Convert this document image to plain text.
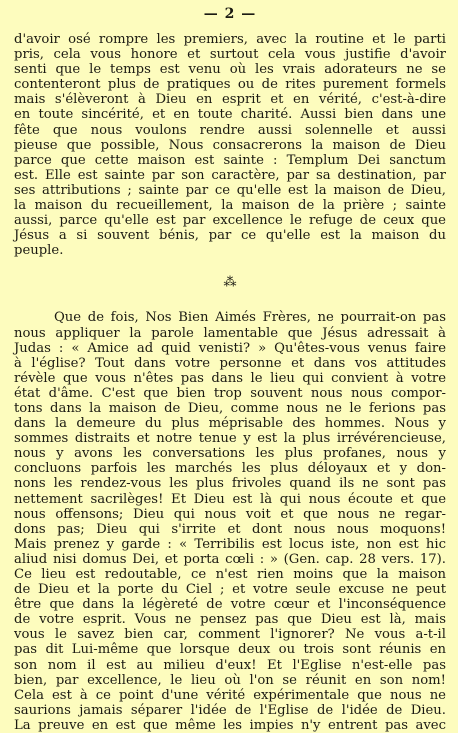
— 2 —
d'avoir osé rompre les premiers, avec la routine et le parti
pris, cela vous honore et surtout cela vous justifie d'avoir
senti que le temps est venu où les vrais adorateurs ne se
contenteront plus de pratiques ou de rites purement formels
mais s'élèveront à Dieu en esprit et en vérité, c'est-à-dire
en toute sincérité, et en toute charité. Aussi bien dans une
fête que nous voulons rendre aussi solennelle et aussi
pieuse que possible, Nous consacrerons la maison de Dieu
parce que cette maison est sainte : Templum Dei sanctum
est. Elle est sainte par son caractère, par sa destination, par
ses attributions ; sainte par ce qu'elle est la maison de Dieu,
la maison du recueillement, la maison de la prière ; sainte
aussi, parce qu'elle est par excellence le refuge de ceux que
Jésus a si souvent bénis, par ce qu'elle est la maison du
peuple.
⁂
Que de fois, Nos Bien Aimés Frères, ne pourrait-on pas
nous appliquer la parole lamentable que Jésus adressait à
Judas : « Amice ad quid venisti? » Qu'êtes-vous venus faire
à l'église? Tout dans votre personne et dans vos attitudes
révèle que vous n'êtes pas dans le lieu qui convient à votre
état d'âme. C'est que bien trop souvent nous nous compor-
tons dans la maison de Dieu, comme nous ne le ferions pas
dans la demeure du plus méprisable des hommes. Nous y
sommes distraits et notre tenue y est la plus irrévérencieuse,
nous y avons les conversations les plus profanes, nous y
concluons parfois les marchés les plus déloyaux et y don-
nons les rendez-vous les plus frivoles quand ils ne sont pas
nettement sacrilèges! Et Dieu est là qui nous écoute et que
nous offensons; Dieu qui nous voit et que nous ne regar-
dons pas; Dieu qui s'irrite et dont nous nous moquons!
Mais prenez y garde : « Terribilis est locus iste, non est hic
aliud nisi domus Dei, et porta cœli : » (Gen. cap. 28 vers. 17).
Ce lieu est redoutable, ce n'est rien moins que la maison
de Dieu et la porte du Ciel ; et votre seule excuse ne peut
être que dans la légèreté de votre cœur et l'inconséquence
de votre esprit. Vous ne pensez pas que Dieu est là, mais
vous le savez bien car, comment l'ignorer? Ne vous a-t-il
pas dit Lui-même que lorsque deux ou trois sont réunis en
son nom il est au milieu d'eux! Et l'Eglise n'est-elle pas
bien, par excellence, le lieu où l'on se réunit en son nom!
Cela est à ce point d'une vérité expérimentale que nous ne
saurions jamais séparer l'idée de l'Eglise de l'idée de Dieu.
La preuve en est que même les impies n'y entrent pas avec
